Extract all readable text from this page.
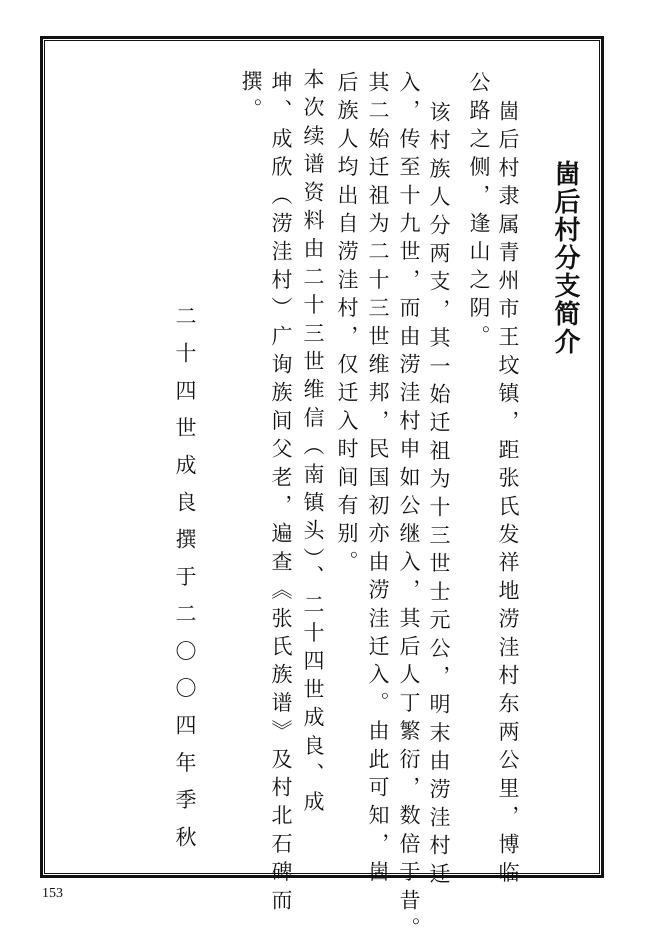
崮后村分支简介
崮后村隶属青州市王坟镇，距张氏发祥地涝洼村东两公里，博临
公路之侧，逢山之阴。
该村族人分两支，其一始迁祖为十三世士元公，明末由涝洼村迁
入，传至十九世，而由涝洼村申如公继入，其后人丁繁衍，数倍于昔。
其二始迁祖为二十三世维邦，民国初亦由涝洼迁入。由此可知，崮
后族人均出自涝洼村，仅迁入时间有别。
本次续谱资料由二十三世维信（南镇头）、二十四世成良、成
坤、成欣（涝洼村）广询族间父老，遍查《张氏族谱》及村北石碑而
撰。
二十四世成良撰于二〇〇四年季秋
153
